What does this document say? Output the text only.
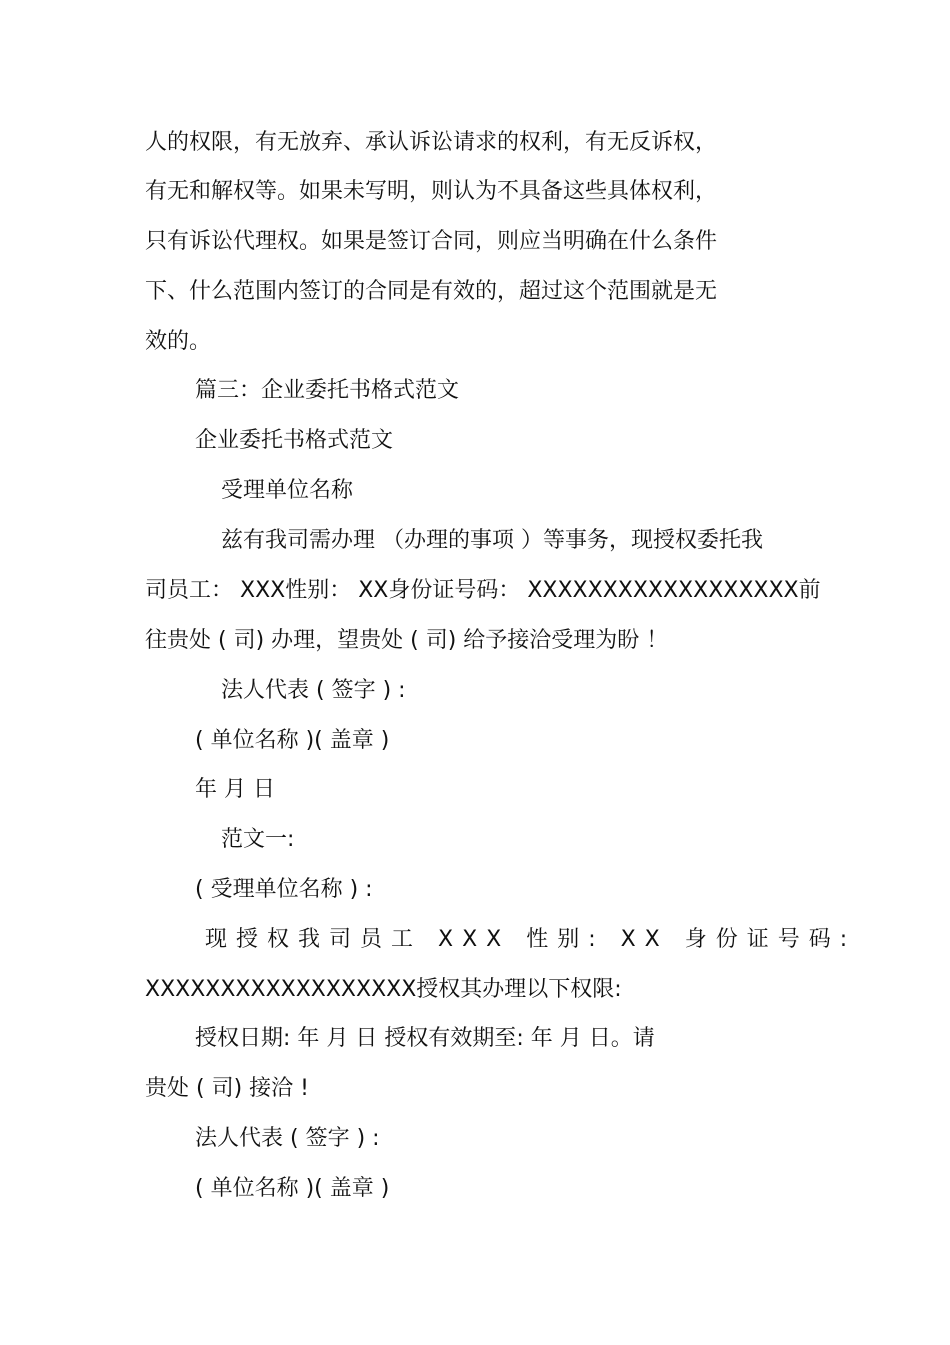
人的权限，有无放弃、承认诉讼请求的权利，有无反诉权，
有无和解权等。如果未写明，则认为不具备这些具体权利，
只有诉讼代理权。如果是签订合同，则应当明确在什么条件
下、什么范围内签订的合同是有效的，超过这个范围就是无
效的。
篇三：企业委托书格式范文
企业委托书格式范文
受理单位名称
兹有我司需办理 （办理的事项 ）等事务，现授权委托我
司员工： XXX性别： XX身份证号码： XXXXXXXXXXXXXXXXXX前
往贵处 ( 司) 办理，望贵处 ( 司) 给予接洽受理为盼 ！
法人代表 ( 签字 ) :
( 单位名称 )( 盖章 )
年 月 日
范文一:
( 受理单位名称 ) :
现授权我司员工 XXX 性别: XX 身份证号码:
XXXXXXXXXXXXXXXXXX授权其办理以下权限:
授权日期: 年 月 日 授权有效期至: 年 月 日。请
贵处 ( 司) 接洽 !
法人代表 ( 签字 ) :
( 单位名称 )( 盖章 )
